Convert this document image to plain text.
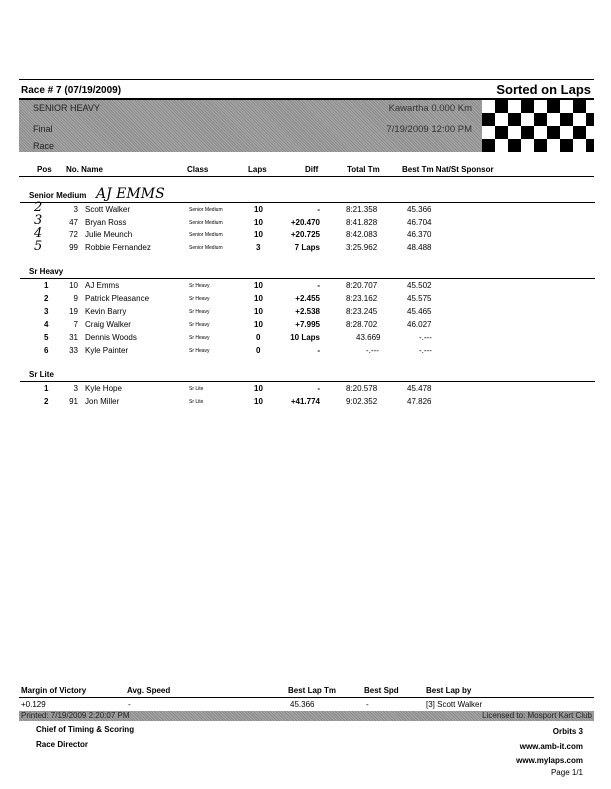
Race # 7 (07/19/2009)	Sorted on Laps
SENIOR HEAVY
Final
Race
Kawartha 0.000 Km
7/19/2009 12:00 PM
Pos No. Name	Class	Laps	Diff	Total Tm	Best Tm Nat/St Sponsor
Senior Medium AJ EMMS
2	3 Scott Walker	Senior Medium	10	-	8:21.358	45.366
3	47 Bryan Ross	Senior Medium	10	+20.470	8:41.828	46.704
4	72 Julie Meunch	Senior Medium	10	+20.725	8:42.083	46.370
5	99 Robbie Fernandez	Senior Medium	3	7 Laps	3:25.962	48.488
Sr Heavy
1	10 AJ Emms	Sr Heavy	10	-	8:20.707	45.502
2	9 Patrick Pleasance	Sr Heavy	10	+2.455	8:23.162	45.575
3	19 Kevin Barry	Sr Heavy	10	+2.538	8:23.245	45.465
4	7 Craig Walker	Sr Heavy	10	+7.995	8:28.702	46.027
5	31 Dennis Woods	Sr Heavy	0	10 Laps	43.669	-.---
6	33 Kyle Painter	Sr Heavy	0	-	-.---	-.---
Sr Lite
1	3 Kyle Hope	Sr Lite	10	-	8:20.578	45.478
2	91 Jon Miller	Sr Lite	10	+41.774	9:02.352	47.826
Margin of Victory	Avg. Speed	Best Lap Tm	Best Spd	Best Lap by
+0.129	-	45.366	-	[3] Scott Walker
Printed: 7/19/2009 2:20:07 PM	Licensed to: Mosport Kart Club
Chief of Timing & Scoring
Race Director
Orbits 3
www.amb-it.com
www.mylaps.com
Page 1/1
